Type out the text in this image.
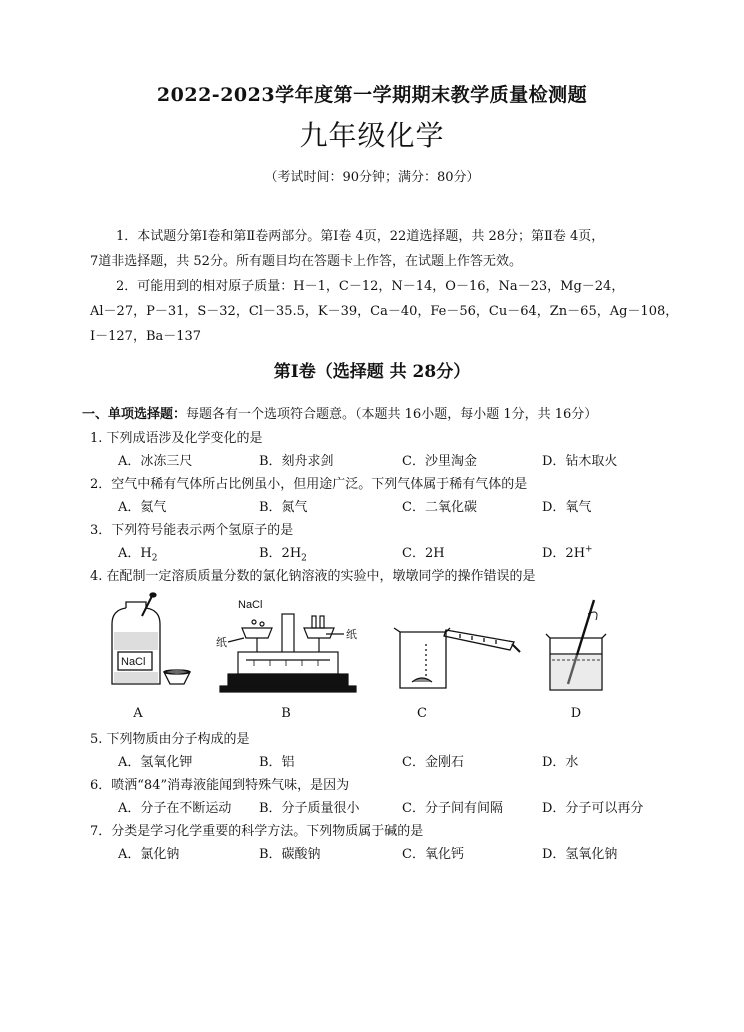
2022-2023学年度第一学期期末教学质量检测题
九年级化学
（考试时间：90分钟；满分：80分）

1．本试题分第Ⅰ卷和第Ⅱ卷两部分。第Ⅰ卷 4页，22道选择题，共 28分；第Ⅱ卷 4页，

7道非选择题，共 52分。所有题目均在答题卡上作答，在试题上作答无效。

2．可能用到的相对原子质量：H－1，C－12，N－14，O－16，Na－23，Mg－24，

Al－27，P－31，S－32，Cl－35.5，K－39，Ca－40，Fe－56，Cu－64，Zn－65，Ag－108，

I－127，Ba－137

第Ⅰ卷（选择题 共 28分）
一、单项选择题：每题各有一个选项符合题意。（本题共 16小题，每小题 1分，共 16分）
1. 下列成语涉及化学变化的是
A．冰冻三尺	B．刻舟求剑	C．沙里淘金	D．钻木取火
2．空气中稀有气体所占比例虽小，但用途广泛。下列气体属于稀有气体的是
A．氦气	B．氮气	C．二氧化碳	D．氧气
3．下列符号能表示两个氢原子的是
A．$H_2$	B．$2H_2$	C．2H	D．2H+
4. 在配制一定溶质质量分数的氯化钠溶液的实验中，墩墩同学的操作错误的是
NaCl
NaCl
纸
纸
A	B	C	D
5. 下列物质由分子构成的是
A．氢氧化钾	B．铝	C．金刚石	D．水
6．喷洒“84”消毒液能闻到特殊气味，是因为
A．分子在不断运动 B．分子质量很小	C．分子间有间隔	D．分子可以再分
7．分类是学习化学重要的科学方法。下列物质属于碱的是
A．氯化钠	B．碳酸钠	C．氧化钙	D．氢氧化钠
